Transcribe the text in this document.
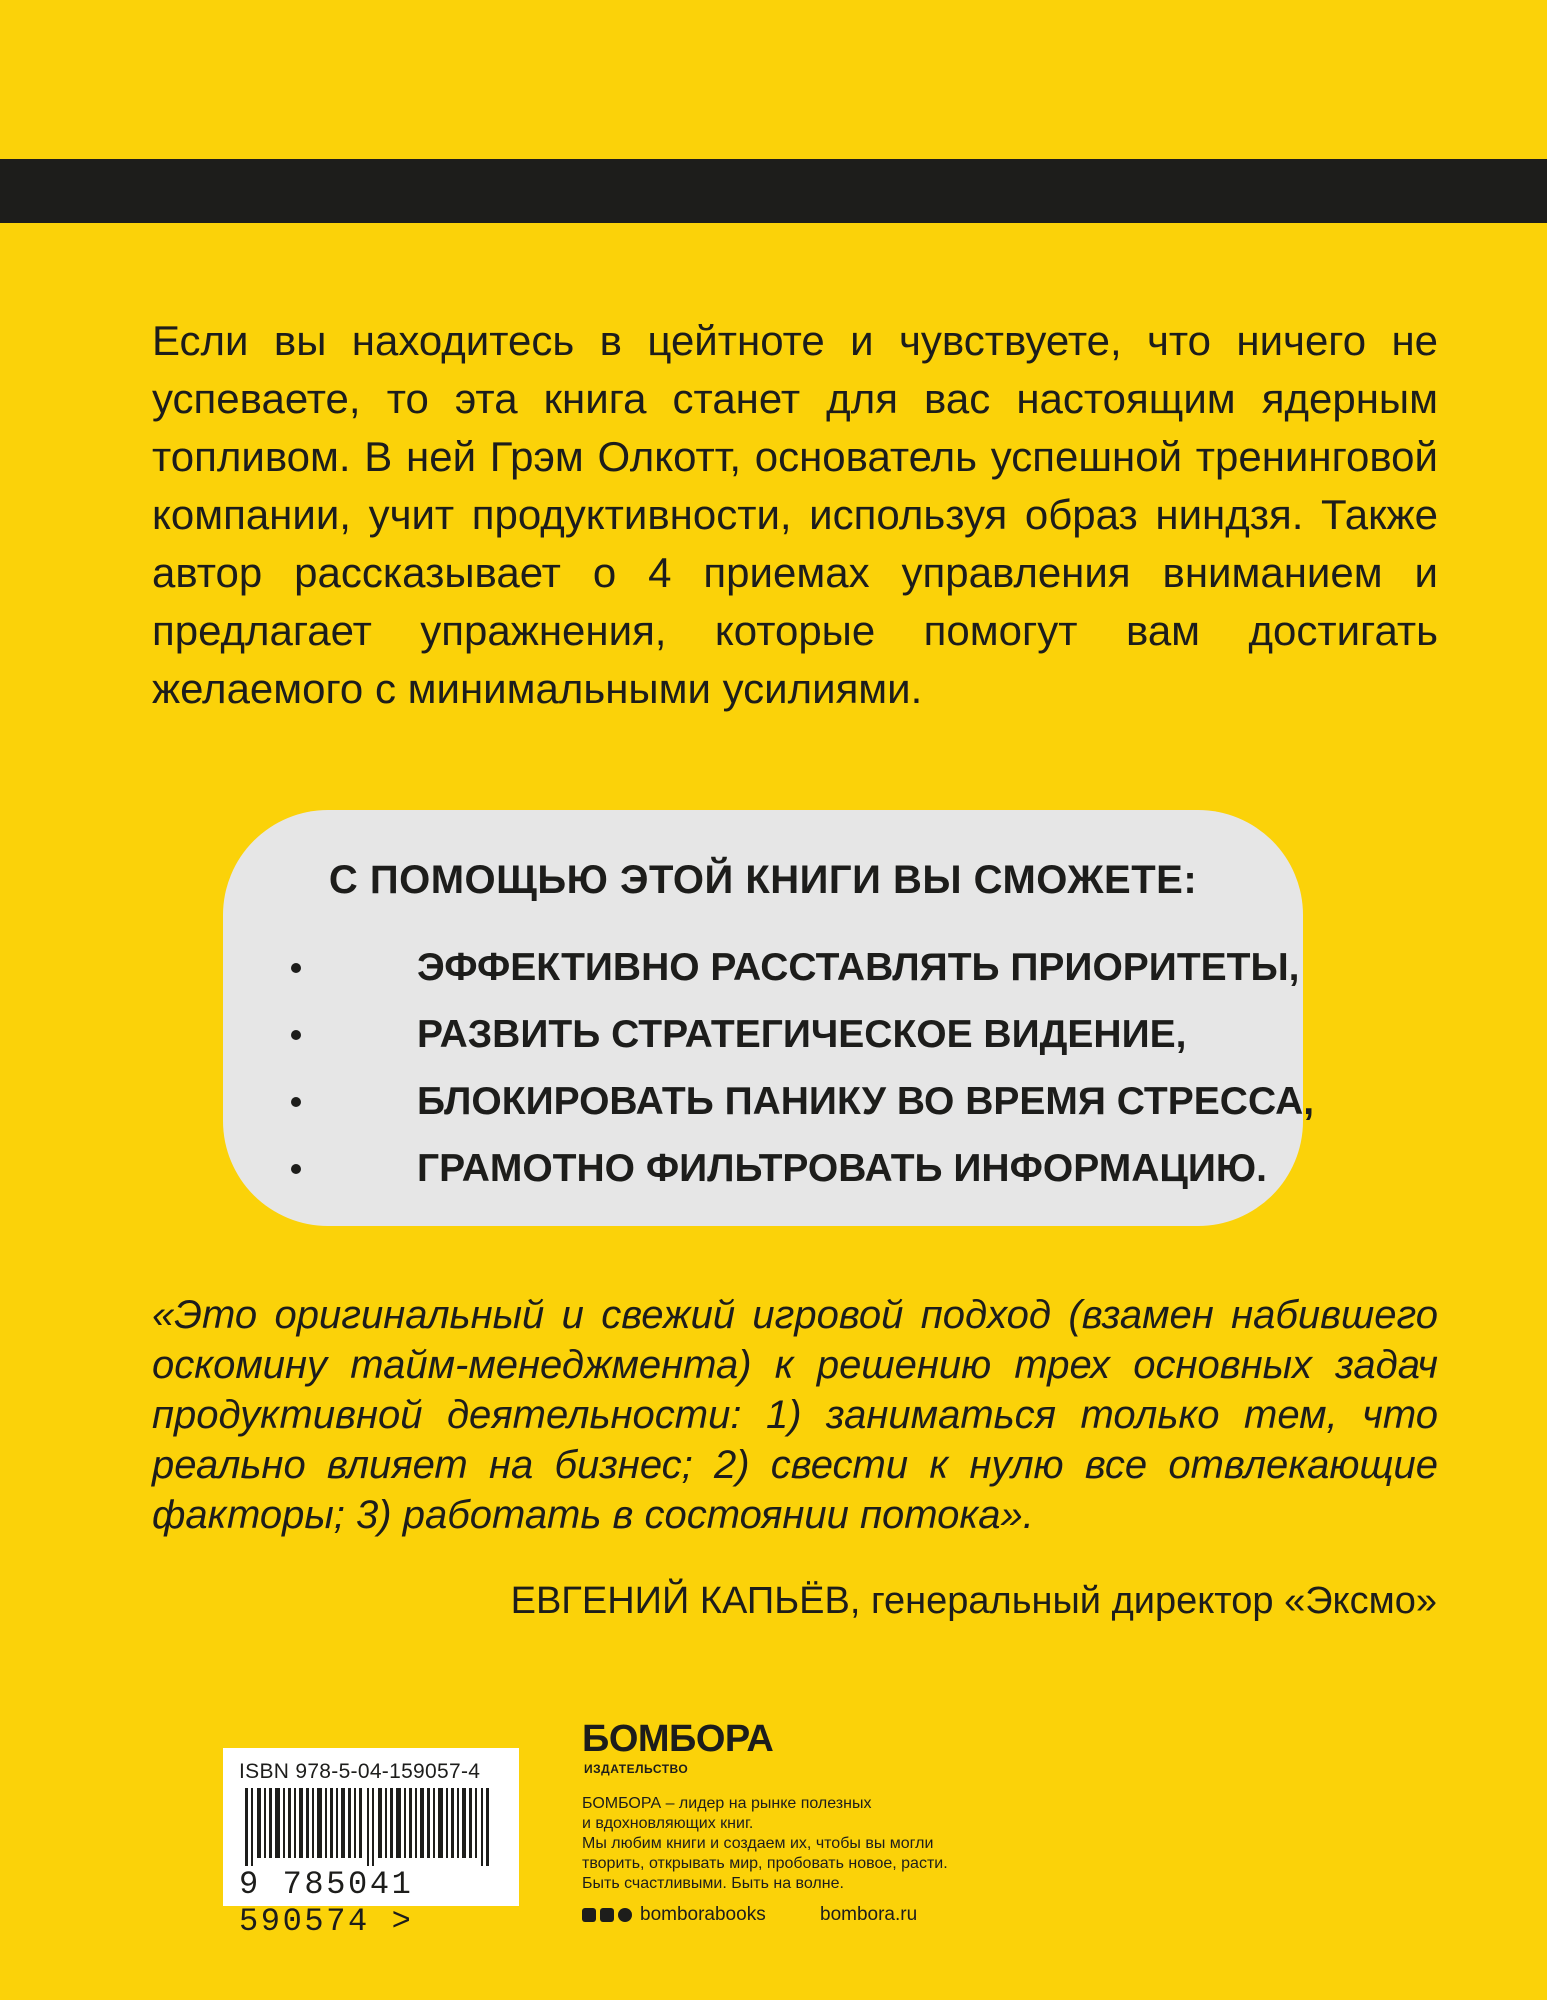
Если вы находитесь в цейтноте и чувствуете, что ничего не успеваете, то эта книга станет для вас настоящим ядерным топливом. В ней Грэм Олкотт, основатель успешной тренинговой компании, учит продуктивности, используя образ ниндзя. Также автор рассказывает о 4 приемах управления вниманием и предлагает упражнения, которые помогут вам достигать желаемого с минимальными усилиями.

С ПОМОЩЬЮ ЭТОЙ КНИГИ ВЫ СМОЖЕТЕ:
ЭФФЕКТИВНО РАССТАВЛЯТЬ ПРИОРИТЕТЫ,
РАЗВИТЬ СТРАТЕГИЧЕСКОЕ ВИДЕНИЕ,
БЛОКИРОВАТЬ ПАНИКУ ВО ВРЕМЯ СТРЕССА,
ГРАМОТНО ФИЛЬТРОВАТЬ ИНФОРМАЦИЮ.

«Это оригинальный и свежий игровой подход (взамен набившего оскомину тайм-менеджмента) к решению трех основных задач продуктивной деятельности: 1) заниматься только тем, что реально влияет на бизнес; 2) свести к нулю все отвлекающие факторы; 3) работать в состоянии потока».

ЕВГЕНИЙ КАПЬЁВ, генеральный директор «Эксмо»
ISBN 978-5-04-159057-4
9 785041 590574 >
БОМБОРА
ИЗДАТЕЛЬСТВО

БОМБОРА – лидер на рынке полезных
и вдохновляющих книг.
Мы любим книги и создаем их, чтобы вы могли
творить, открывать мир, пробовать новое, расти.
Быть счастливыми. Быть на волне.

bomborabooks	bombora.ru
